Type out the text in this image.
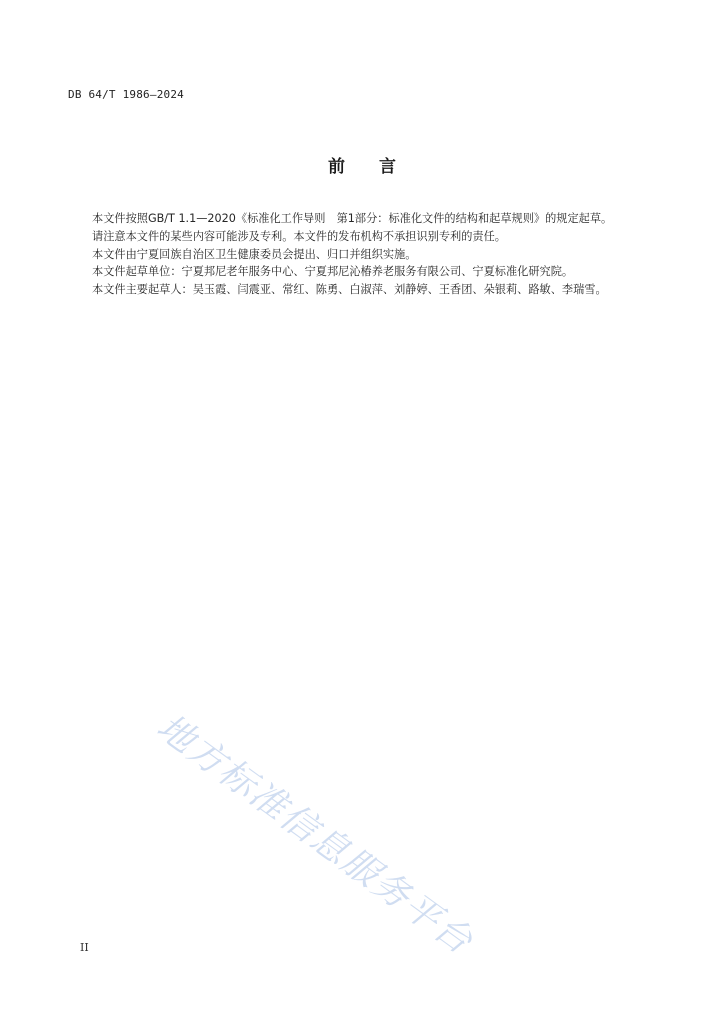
DB 64/T 1986—2024
前　　言

本文件按照GB/T 1.1—2020《标准化工作导则　第1部分：标准化文件的结构和起草规则》的规定起草。

请注意本文件的某些内容可能涉及专利。本文件的发布机构不承担识别专利的责任。

本文件由宁夏回族自治区卫生健康委员会提出、归口并组织实施。

本文件起草单位：宁夏邦尼老年服务中心、宁夏邦尼沁椿养老服务有限公司、宁夏标准化研究院。

本文件主要起草人：吴玉霞、闫震亚、常红、陈勇、白淑萍、刘静婷、王香团、朵银莉、路敏、李瑞雪。

地方标准信息服务平台
II
